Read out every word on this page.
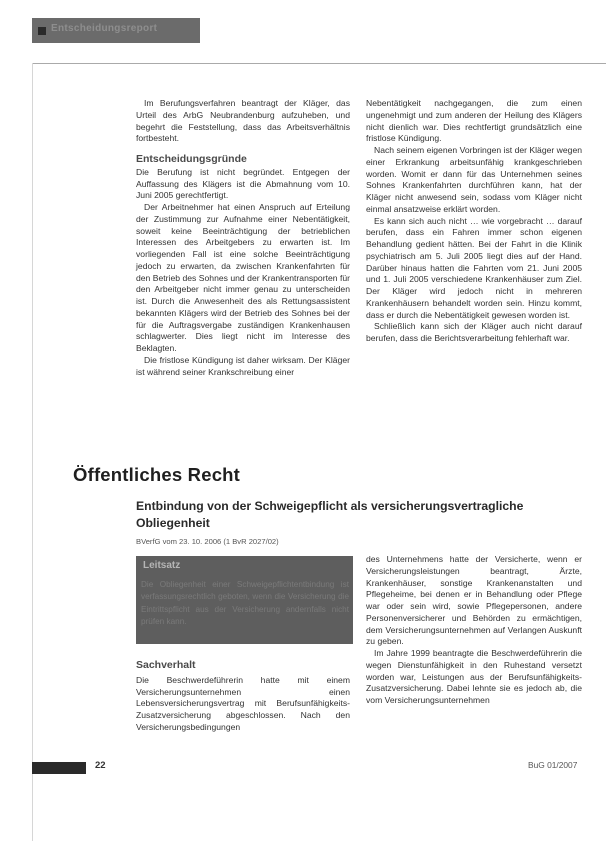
Entscheidungsreport

Im Berufungsverfahren beantragt der Kläger, das Urteil des ArbG Neubrandenburg aufzuheben, und begehrt die Feststellung, dass das Arbeitsverhältnis fortbesteht.

Entscheidungsgründe

Die Berufung ist nicht begründet. Entgegen der Auffassung des Klägers ist die Abmahnung vom 10. Juni 2005 gerechtfertigt.

Der Arbeitnehmer hat einen Anspruch auf Erteilung der Zustimmung zur Aufnahme einer Nebentätigkeit, soweit keine Beeinträchtigung der betrieblichen Interessen des Arbeitgebers zu erwarten ist. Im vorliegenden Fall ist eine solche Beeinträchtigung jedoch zu erwarten, da zwischen Krankenfahrten für den Betrieb des Sohnes und der Krankentransporten für den Arbeitgeber nicht immer genau zu unterscheiden ist. Durch die Anwesenheit des als Rettungsassistent bekannten Klägers wird der Betrieb des Sohnes bei der für die Auftragsvergabe zuständigen Krankenhausen schlagwerter. Dies liegt nicht im Interesse des Beklagten.

Die fristlose Kündigung ist daher wirksam. Der Kläger ist während seiner Krankschreibung einer

Nebentätigkeit nachgegangen, die zum einen ungenehmigt und zum anderen der Heilung des Klägers nicht dienlich war. Dies rechtfertigt grundsätzlich eine fristlose Kündigung.

Nach seinem eigenen Vorbringen ist der Kläger wegen einer Erkrankung arbeitsunfähig krankgeschrieben worden. Womit er dann für das Unternehmen seines Sohnes Krankenfahrten durchführen kann, hat der Kläger nicht anwesend sein, sodass vom Kläger nicht einmal ansatzweise erklärt worden.

Es kann sich auch nicht … wie vorgebracht … darauf berufen, dass ein Fahren immer schon eigenen Behandlung gedient hätten. Bei der Fahrt in die Klinik psychiatrisch am 5. Juli 2005 liegt dies auf der Hand. Darüber hinaus hatten die Fahrten vom 21. Juni 2005 und 1. Juli 2005 verschiedene Krankenhäuser zum Ziel. Der Kläger wird jedoch nicht in mehreren Krankenhäusern behandelt worden sein. Hinzu kommt, dass er durch die Nebentätigkeit gewesen worden ist.

Schließlich kann sich der Kläger auch nicht darauf berufen, dass die Berichtsverarbeitung fehlerhaft war.

Öffentliches Recht
Entbindung von der Schweigepflicht als versicherungsvertragliche Obliegenheit
BVerfG vom 23. 10. 2006 (1 BvR 2027/02)
Leitsatz
Die Obliegenheit einer Schweigepflichtentbindung ist verfassungsrechtlich geboten, wenn die Versicherung die Eintrittspflicht aus der Versicherung andernfalls nicht prüfen kann.
Sachverhalt

Die Beschwerdeführerin hatte mit einem Versicherungsunternehmen einen Lebensversicherungsvertrag mit Berufsunfähigkeits-Zusatzversicherung abgeschlossen. Nach den Versicherungsbedingungen

des Unternehmens hatte der Versicherte, wenn er Versicherungsleistungen beantragt, Ärzte, Krankenhäuser, sonstige Krankenanstalten und Pflegeheime, bei denen er in Behandlung oder Pflege war oder sein wird, sowie Pflegepersonen, andere Personenversicherer und Behörden zu ermächtigen, dem Versicherungsunternehmen auf Verlangen Auskunft zu geben.

Im Jahre 1999 beantragte die Beschwerdeführerin die wegen Dienstunfähigkeit in den Ruhestand versetzt worden war, Leistungen aus der Berufsunfähigkeits-Zusatzversicherung. Dabei lehnte sie es jedoch ab, die vom Versicherungsunternehmen

22	BuG 01/2007
